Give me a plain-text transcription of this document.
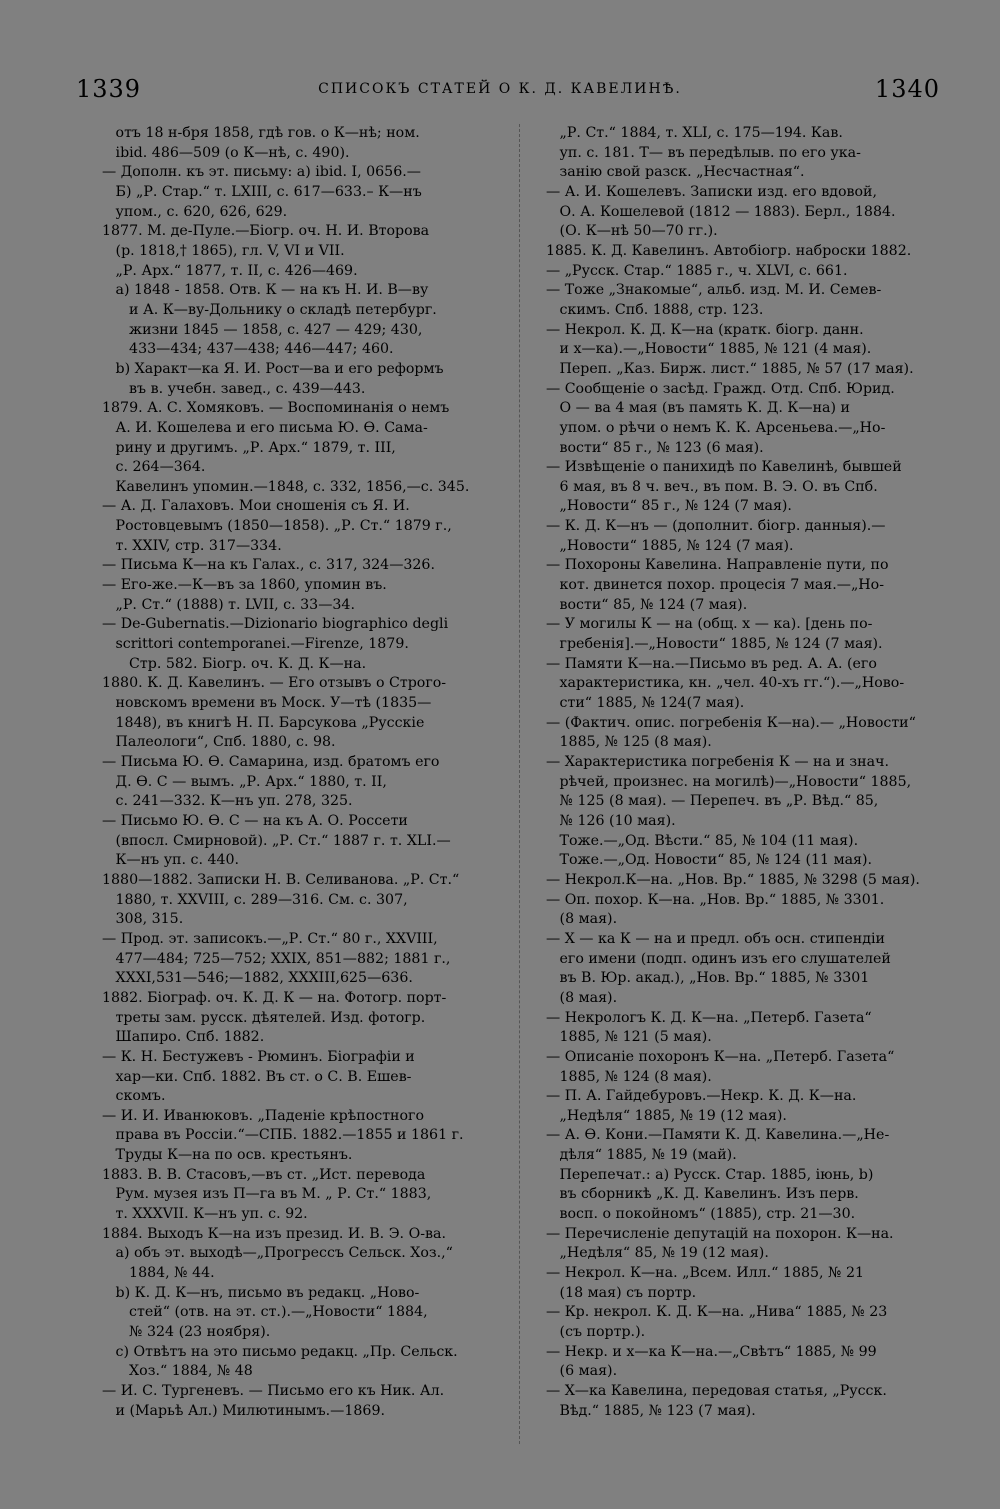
1339	СПИСОКЪ СТАТЕЙ О К. Д. КАВЕЛИНѢ.	1340
отъ 18 н-бря 1858, гдѣ гов. о К—нѣ; ном.
ibid. 486—509 (о К—нѣ, с. 490).
— Дополн. къ эт. письму: а) ibid. I, 0656.—
Б) „Р. Стар.“ т. LXIII, с. 617—633.– К—нъ
упом., с. 620, 626, 629.
1877. М. де-Пуле.—Біогр. оч. Н. И. Второва
(р. 1818,† 1865), гл. V, VI и VII.
„Р. Арх.“ 1877, т. II, с. 426—469.
а) 1848 - 1858. Отв. К — на къ Н. И. В—ву
и А. К—ву-Дольнику о складѣ петербург.
жизни 1845 — 1858, с. 427 — 429; 430,
433—434; 437—438; 446—447; 460.
b) Характ—ка Я. И. Рост—ва и его реформъ
въ в. учебн. завед., с. 439—443.
1879. А. С. Хомяковъ. — Воспоминанія о немъ
А. И. Кошелева и его письма Ю. Ѳ. Сама-
рину и другимъ. „Р. Арх.“ 1879, т. III,
с. 264—364.
Кавелинъ упомин.—1848, с. 332, 1856,—с. 345.
— А. Д. Галаховъ. Мои сношенія съ Я. И.
Ростовцевымъ (1850—1858). „Р. Ст.“ 1879 г.,
т. XXIV, стр. 317—334.
— Письма К—на къ Галах., с. 317, 324—326.
— Его-же.—К—въ за 1860, упомин въ.
„Р. Ст.“ (1888) т. LVII, с. 33—34.
— De-Gubernatis.—Dizionario biographico degli
scrittori contemporanei.—Firenze, 1879.
Стр. 582. Біогр. оч. К. Д. К—на.
1880. К. Д. Кавелинъ. — Его отзывъ о Строго-
новскомъ времени въ Моск. У—тѣ (1835—
1848), въ книгѣ Н. П. Барсукова „Русскіе
Палеологи“, Спб. 1880, с. 98.
— Письма Ю. Ѳ. Самарина, изд. братомъ его
Д. Ѳ. С — вымъ. „Р. Арх.“ 1880, т. II,
с. 241—332. К—нъ уп. 278, 325.
— Письмо Ю. Ѳ. С — на къ А. О. Россети
(впосл. Смирновой). „Р. Ст.“ 1887 г. т. XLI.—
К—нъ уп. с. 440.
1880—1882. Записки Н. В. Селиванова. „Р. Ст.“
1880, т. XXVIII, с. 289—316. См. с. 307,
308, 315.
— Прод. эт. записокъ.—„Р. Ст.“ 80 г., XXVIII,
477—484; 725—752; XXIX, 851—882; 1881 г.,
XXXI,531—546;—1882, XXXIII,625—636.
1882. Біограф. оч. К. Д. К — на. Фотогр. порт-
треты зам. русск. дѣятелей. Изд. фотогр.
Шапиро. Спб. 1882.
— К. Н. Бестужевъ - Рюминъ. Біографіи и
хар—ки. Спб. 1882. Въ ст. о С. В. Ешев-
скомъ.
— И. И. Иванюковъ. „Паденіе крѣпостного
права въ Россіи.“—СПБ. 1882.—1855 и 1861 г.
Труды К—на по осв. крестьянъ.
1883. В. В. Стасовъ,—въ ст. „Ист. перевода
Рум. музея изъ П—га въ М. „ Р. Ст.“ 1883,
т. XXXVII. К—нъ уп. с. 92.
1884. Выходъ К—на изъ презид. И. В. Э. О-ва.
а) объ эт. выходѣ—„Прогрессъ Сельск. Хоз.,“
1884, № 44.
b) К. Д. К—нъ, письмо въ редакц. „Ново-
стей“ (отв. на эт. ст.).—„Новости“ 1884,
№ 324 (23 ноября).
c) Отвѣтъ на это письмо редакц. „Пр. Сельск.
Хоз.“ 1884, № 48
— И. С. Тургеневъ. — Письмо его къ Ник. Ал.
и (Марьѣ Ал.) Милютинымъ.—1869.
„Р. Ст.“ 1884, т. XLI, с. 175—194. Кав.
уп. с. 181. Т— въ передѣлыв. по его ука-
занію свой разск. „Несчастная“.
— А. И. Кошелевъ. Записки изд. его вдовой,
О. А. Кошелевой (1812 — 1883). Берл., 1884.
(О. К—нѣ 50—70 гг.).
1885. К. Д. Кавелинъ. Автобіогр. наброски 1882.
— „Русск. Стар.“ 1885 г., ч. XLVI, с. 661.
— Тоже „Знакомые“, альб. изд. М. И. Семев-
скимъ. Спб. 1888, стр. 123.
— Некрол. К. Д. К—на (кратк. біогр. данн.
и х—ка).—„Новости“ 1885, № 121 (4 мая).
Переп. „Каз. Бирж. лист.“ 1885, № 57 (17 мая).
— Сообщеніе о засѣд. Гражд. Отд. Спб. Юрид.
О — ва 4 мая (въ память К. Д. К—на) и
упом. о рѣчи о немъ К. К. Арсеньева.—„Но-
вости“ 85 г., № 123 (6 мая).
— Извѣщеніе о панихидѣ по Кавелинѣ, бывшей
6 мая, въ 8 ч. веч., въ пом. В. Э. О. въ Спб.
„Новости“ 85 г., № 124 (7 мая).
— К. Д. К—нъ — (дополнит. біогр. данныя).—
„Новости“ 1885, № 124 (7 мая).
— Похороны Кавелина. Направленіе пути, по
кот. двинется похор. процесія 7 мая.—„Но-
вости“ 85, № 124 (7 мая).
— У могилы К — на (общ. х — ка). [день по-
гребенія].—„Новости“ 1885, № 124 (7 мая).
— Памяти К—на.—Письмо въ ред. А. А. (его
характеристика, кн. „чел. 40-хъ гг.“).—„Ново-
сти“ 1885, № 124(7 мая).
— (Фактич. опис. погребенія К—на).— „Новости“
1885, № 125 (8 мая).
— Характеристика погребенія К — на и знач.
рѣчей, произнес. на могилѣ)—„Новости“ 1885,
№ 125 (8 мая). — Перепеч. въ „Р. Вѣд.“ 85,
№ 126 (10 мая).
Тоже.—„Од. Вѣсти.“ 85, № 104 (11 мая).
Тоже.—„Од. Новости“ 85, № 124 (11 мая).
— Некрол.К—на. „Нов. Вр.“ 1885, № 3298 (5 мая).
— Оп. похор. К—на. „Нов. Вр.“ 1885, № 3301.
(8 мая).
— Х — ка К — на и предл. объ осн. стипендіи
его имени (подп. одинъ изъ его слушателей
въ В. Юр. акад.), „Нов. Вр.“ 1885, № 3301
(8 мая).
— Некрологъ К. Д. К—на. „Петерб. Газета“
1885, № 121 (5 мая).
— Описаніе похоронъ К—на. „Петерб. Газета“
1885, № 124 (8 мая).
— П. А. Гайдебуровъ.—Некр. К. Д. К—на.
„Недѣля“ 1885, № 19 (12 мая).
— А. Ѳ. Кони.—Памяти К. Д. Кавелина.—„Не-
дѣля“ 1885, № 19 (май).
Перепечат.: a) Русск. Стар. 1885, іюнь, b)
въ сборникѣ „К. Д. Кавелинъ. Изъ перв.
восп. о покойномъ“ (1885), стр. 21—30.
— Перечисленіе депутацій на похорон. К—на.
„Недѣля“ 85, № 19 (12 мая).
— Некрол. К—на. „Всем. Илл.“ 1885, № 21
(18 мая) съ портр.
— Кр. некрол. К. Д. К—на. „Нива“ 1885, № 23
(съ портр.).
— Некр. и х—ка К—на.—„Свѣтъ“ 1885, № 99
(6 мая).
— Х—ка Кавелина, передовая статья, „Русск.
Вѣд.“ 1885, № 123 (7 мая).
